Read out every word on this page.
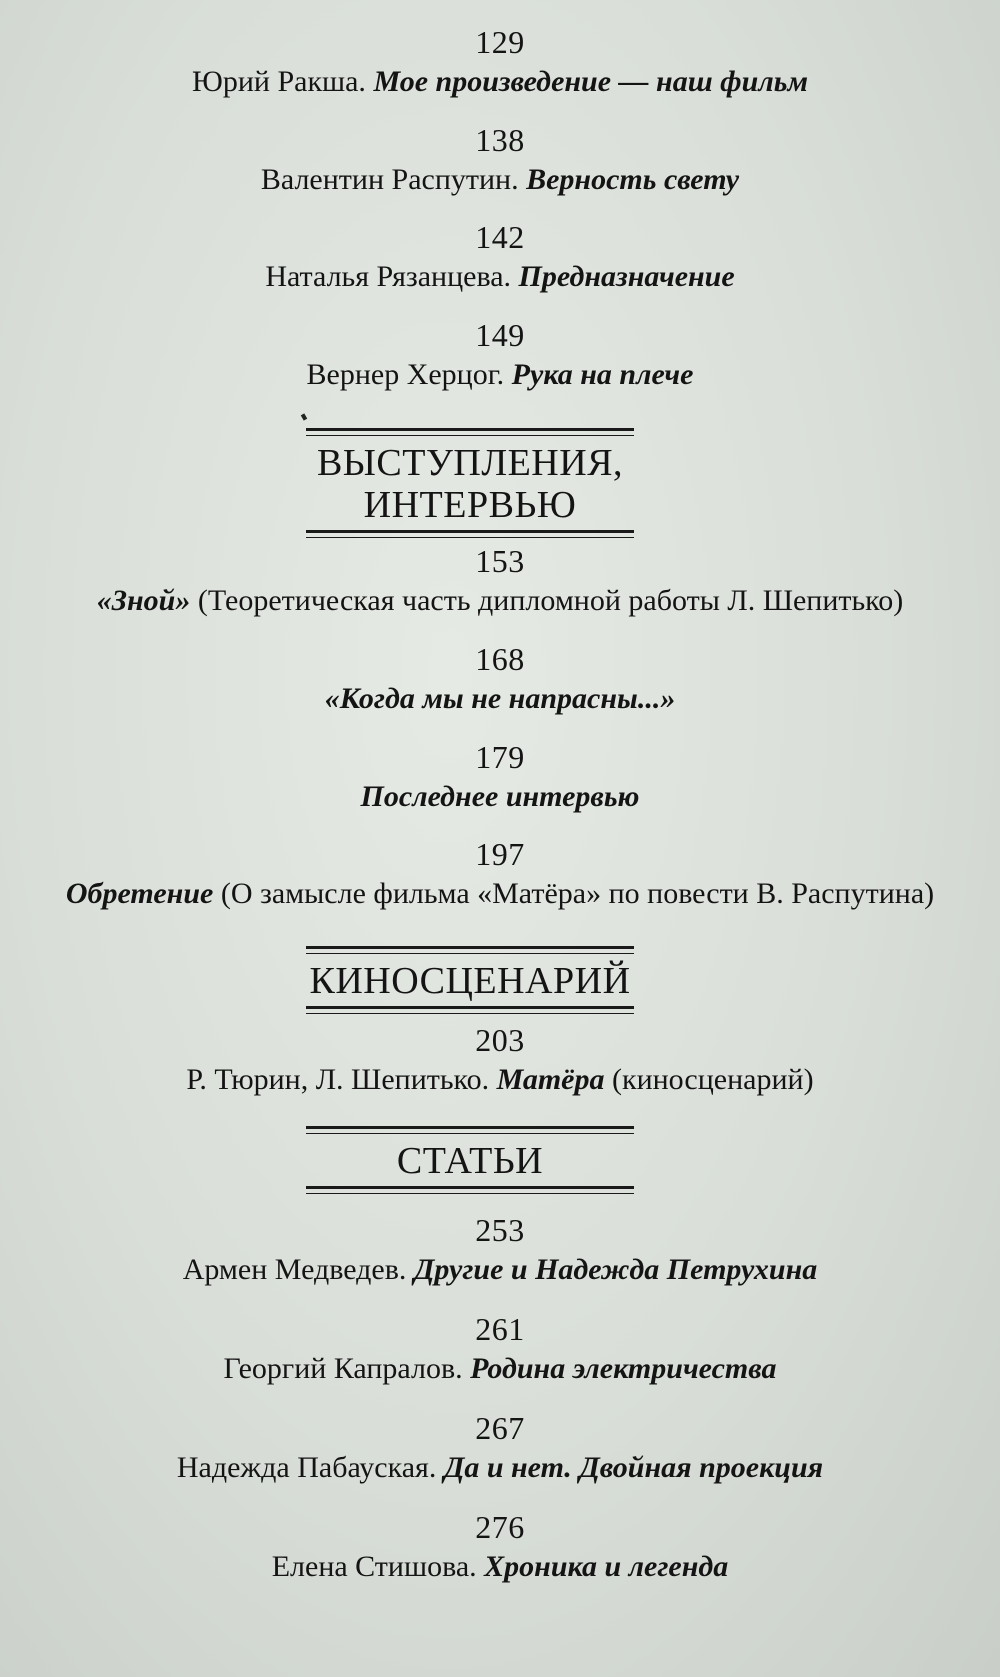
129
Юрий Ракша. Мое произведение — наш фильм
138
Валентин Распутин. Верность свету
142
Наталья Рязанцева. Предназначение
149
Вернер Херцог. Рука на плече
ВЫСТУПЛЕНИЯ,
ИНТЕРВЬЮ
153
«Зной» (Теоретическая часть дипломной работы Л. Шепитько)
168
«Когда мы не напрасны...»
179
Последнее интервью
197
Обретение (О замысле фильма «Матёра» по повести В. Распутина)
КИНОСЦЕНАРИЙ
203
Р. Тюрин, Л. Шепитько. Матёра (киносценарий)
СТАТЬИ
253
Армен Медведев. Другие и Надежда Петрухина
261
Георгий Капралов. Родина электричества
267
Надежда Пабауская. Да и нет. Двойная проекция
276
Елена Стишова. Хроника и легенда
